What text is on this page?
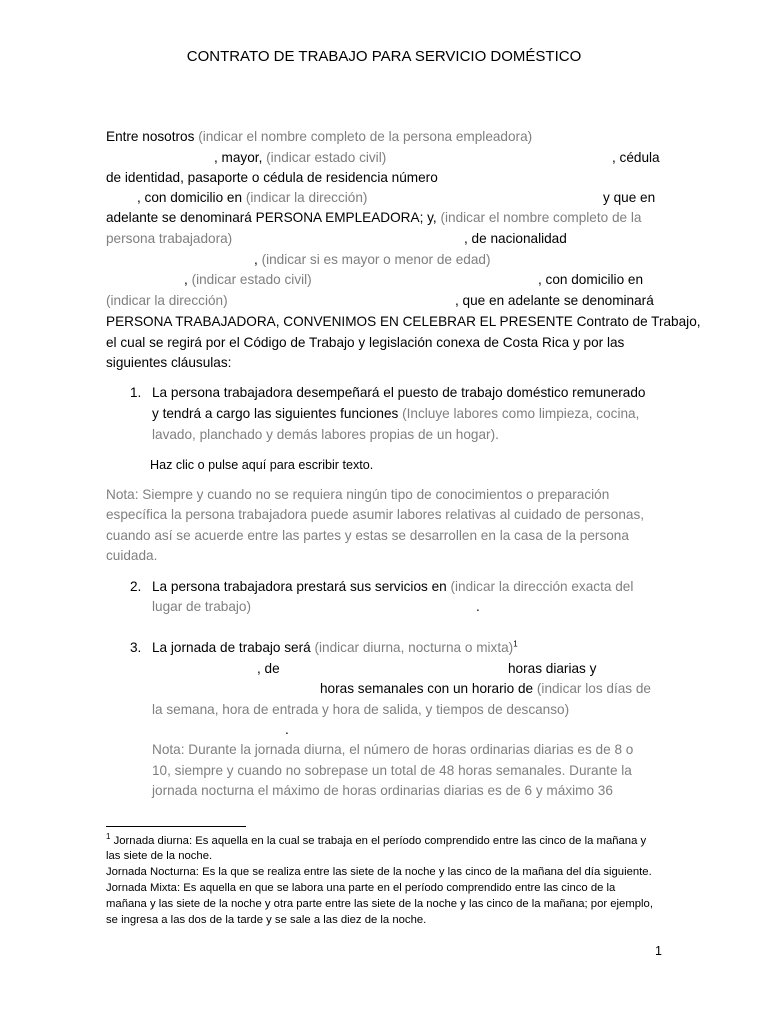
CONTRATO DE TRABAJO PARA SERVICIO DOMÉSTICO
Entre nosotros (indicar el nombre completo de la persona empleadora)
, mayor, (indicar estado civil)	, cédula
de identidad, pasaporte o cédula de residencia número
, con domicilio en (indicar la dirección)	y que en
adelante se denominará PERSONA EMPLEADORA; y, (indicar el nombre completo de la
persona trabajadora)	, de nacionalidad
, (indicar si es mayor o menor de edad)
, (indicar estado civil)	, con domicilio en
(indicar la dirección)	, que en adelante se denominará
PERSONA TRABAJADORA, CONVENIMOS EN CELEBRAR EL PRESENTE Contrato de Trabajo,
el cual se regirá por el Código de Trabajo y legislación conexa de Costa Rica y por las
siguientes cláusulas:
1. La persona trabajadora desempeñará el puesto de trabajo doméstico remunerado
y tendrá a cargo las siguientes funciones (Incluye labores como limpieza, cocina,
lavado, planchado y demás labores propias de un hogar).
Haz clic o pulse aquí para escribir texto.
Nota: Siempre y cuando no se requiera ningún tipo de conocimientos o preparación
específica la persona trabajadora puede asumir labores relativas al cuidado de personas,
cuando así se acuerde entre las partes y estas se desarrollen en la casa de la persona
cuidada.
2. La persona trabajadora prestará sus servicios en (indicar la dirección exacta del
lugar de trabajo)	.
3. La jornada de trabajo será (indicar diurna, nocturna o mixta)$^1$
, de	horas diarias y
horas semanales con un horario de (indicar los días de
la semana, hora de entrada y hora de salida, y tiempos de descanso)
.
Nota: Durante la jornada diurna, el número de horas ordinarias diarias es de 8 o
10, siempre y cuando no sobrepase un total de 48 horas semanales. Durante la
jornada nocturna el máximo de horas ordinarias diarias es de 6 y máximo 36
$^1$ Jornada diurna: Es aquella en la cual se trabaja en el período comprendido entre las cinco de la mañana y
las siete de la noche.
Jornada Nocturna: Es la que se realiza entre las siete de la noche y las cinco de la mañana del día siguiente.
Jornada Mixta: Es aquella en que se labora una parte en el período comprendido entre las cinco de la
mañana y las siete de la noche y otra parte entre las siete de la noche y las cinco de la mañana; por ejemplo,
se ingresa a las dos de la tarde y se sale a las diez de la noche.
1
